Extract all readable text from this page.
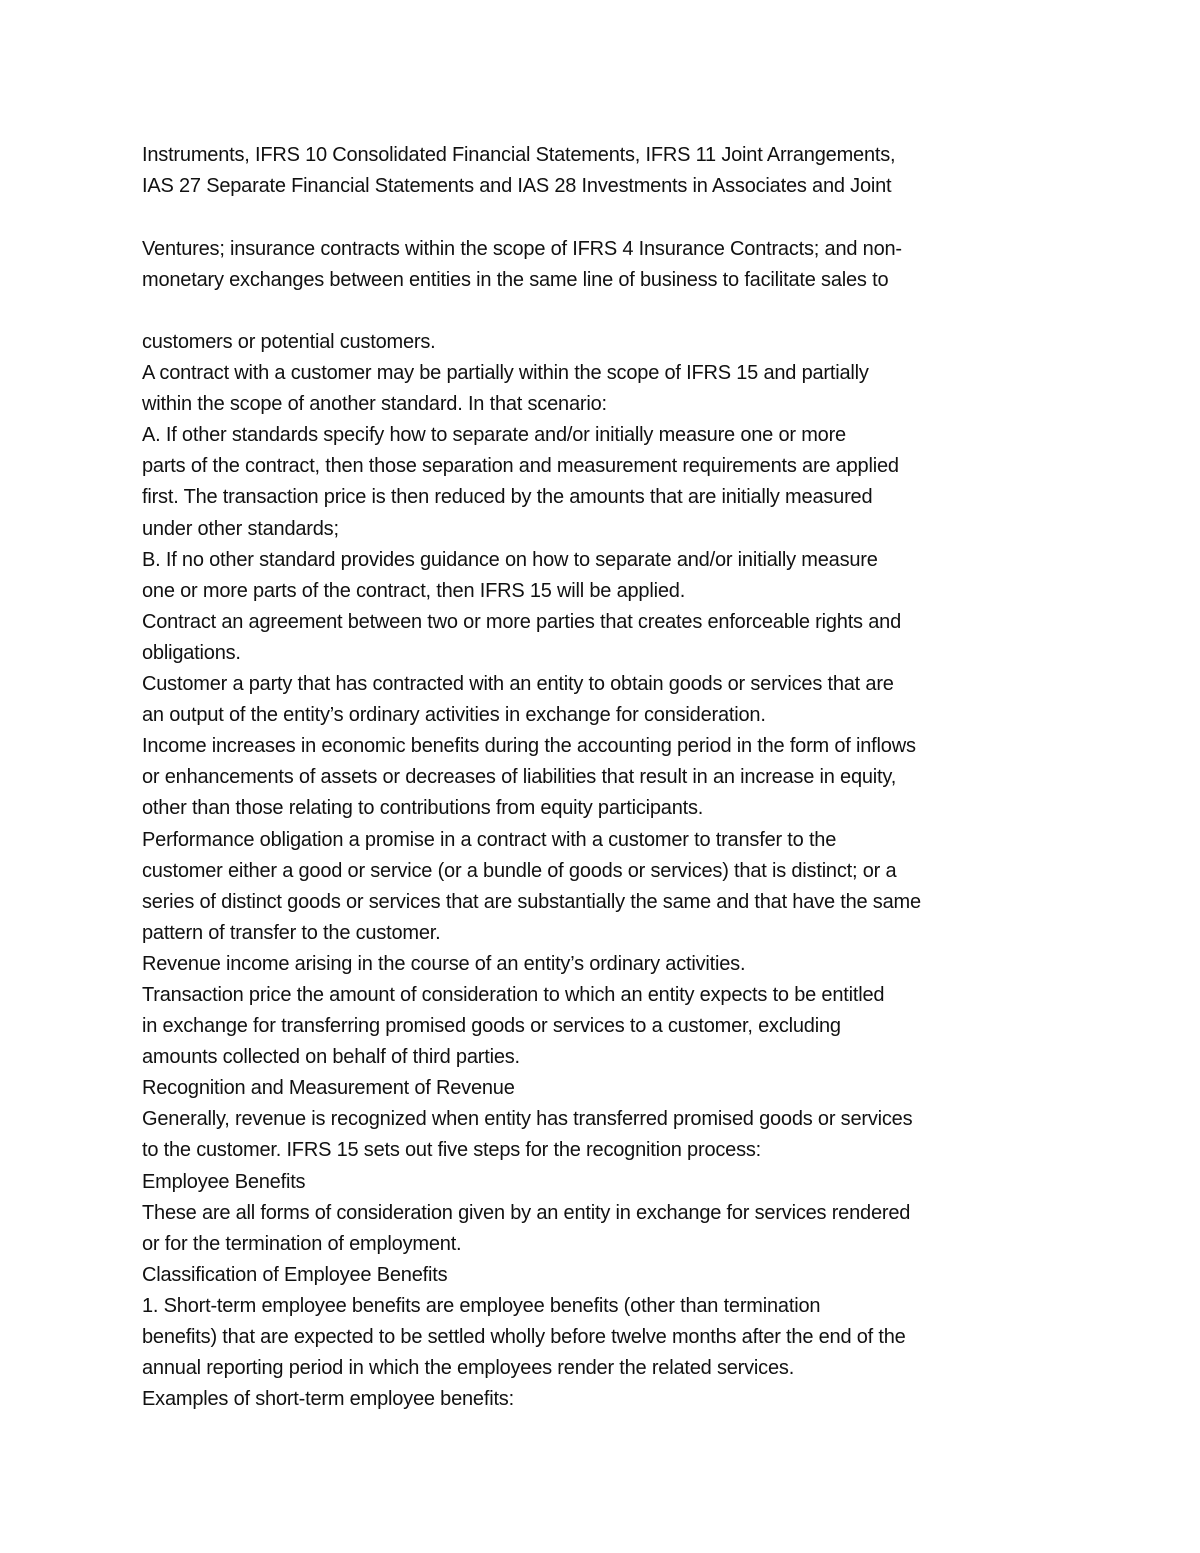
Instruments, IFRS 10 Consolidated Financial Statements, IFRS 11 Joint Arrangements,
IAS 27 Separate Financial Statements and IAS 28 Investments in Associates and Joint
Ventures; insurance contracts within the scope of IFRS 4 Insurance Contracts; and non-
monetary exchanges between entities in the same line of business to facilitate sales to
customers or potential customers.
A contract with a customer may be partially within the scope of IFRS 15 and partially
within the scope of another standard. In that scenario:
A. If other standards specify how to separate and/or initially measure one or more
parts of the contract, then those separation and measurement requirements are applied
first. The transaction price is then reduced by the amounts that are initially measured
under other standards;
B. If no other standard provides guidance on how to separate and/or initially measure
one or more parts of the contract, then IFRS 15 will be applied.
Contract an agreement between two or more parties that creates enforceable rights and
obligations.
Customer a party that has contracted with an entity to obtain goods or services that are
an output of the entity’s ordinary activities in exchange for consideration.
Income increases in economic benefits during the accounting period in the form of inflows
or enhancements of assets or decreases of liabilities that result in an increase in equity,
other than those relating to contributions from equity participants.
Performance obligation a promise in a contract with a customer to transfer to the
customer either a good or service (or a bundle of goods or services) that is distinct; or a
series of distinct goods or services that are substantially the same and that have the same
pattern of transfer to the customer.
Revenue income arising in the course of an entity’s ordinary activities.
Transaction price the amount of consideration to which an entity expects to be entitled
in exchange for transferring promised goods or services to a customer, excluding
amounts collected on behalf of third parties.
Recognition and Measurement of Revenue
Generally, revenue is recognized when entity has transferred promised goods or services
to the customer. IFRS 15 sets out five steps for the recognition process:
Employee Benefits
These are all forms of consideration given by an entity in exchange for services rendered
or for the termination of employment.
Classification of Employee Benefits
1. Short-term employee benefits are employee benefits (other than termination
benefits) that are expected to be settled wholly before twelve months after the end of the
annual reporting period in which the employees render the related services.
Examples of short-term employee benefits:
